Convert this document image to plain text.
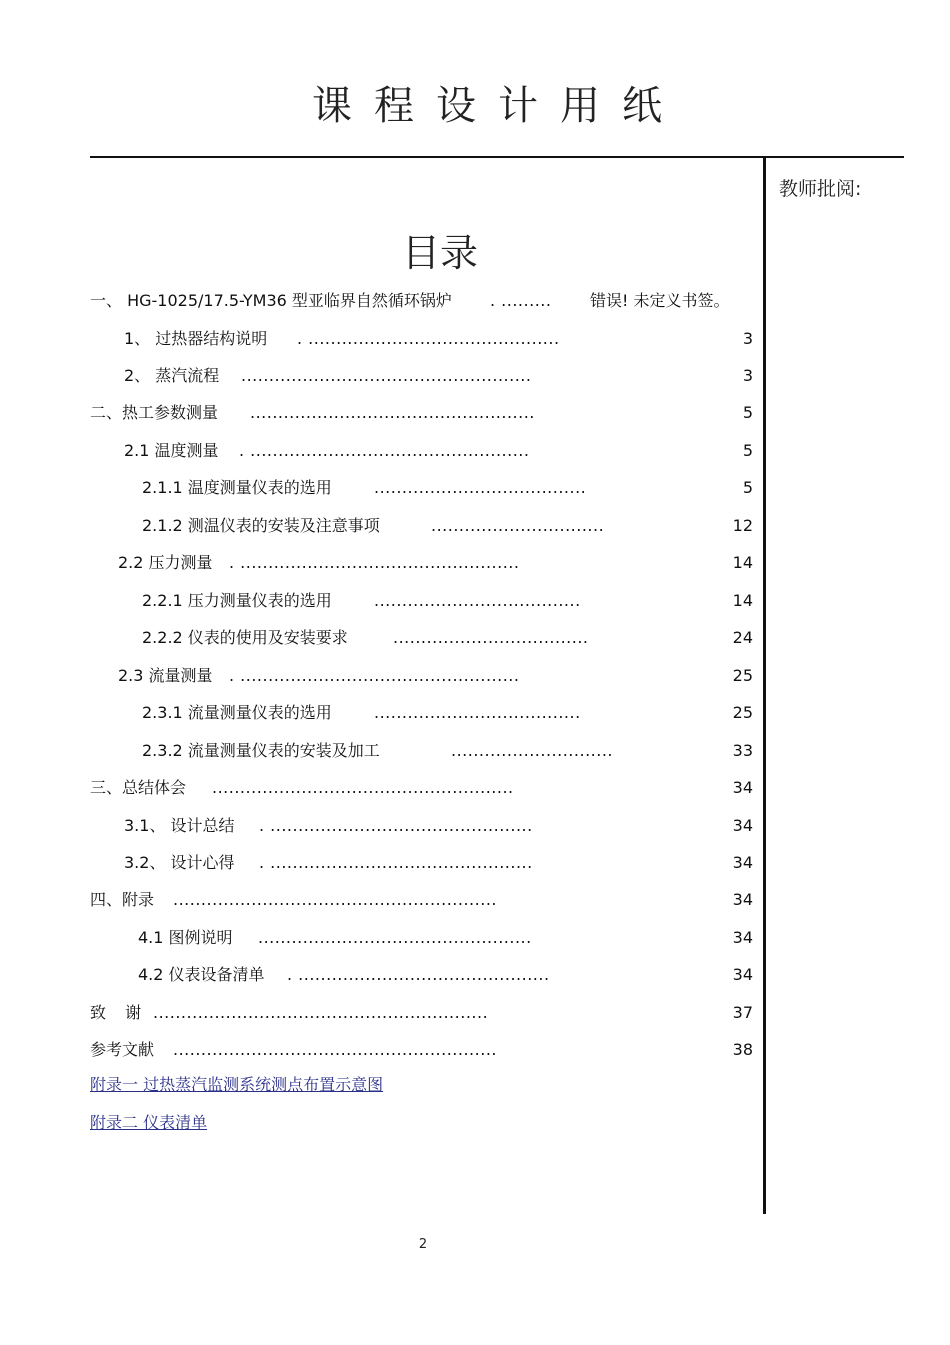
课程设计用纸
教师批阅:
目录
一、 HG-1025/17.5-YM36 型亚临界自然循环锅炉 . ......... 错误! 未定义书签。
1、 过热器结构说明 . .............................................	3
2、 蒸汽流程 ....................................................	3
二、热工参数测量 ...................................................	5
2.1 温度测量 . ..................................................	5
2.1.1 温度测量仪表的选用	......................................	5
2.1.2 测温仪表的安装及注意事项	...............................	12
2.2 压力测量 . ..................................................	14
2.2.1 压力测量仪表的选用	.....................................	14
2.2.2 仪表的使用及安装要求	...................................	24
2.3 流量测量 . ..................................................	25
2.3.1 流量测量仪表的选用	.....................................	25
2.3.2 流量测量仪表的安装及加工	.............................	33
三、总结体会 ......................................................	34
3.1、 设计总结 . ...............................................	34
3.2、 设计心得 . ...............................................	34
四、附录 ..........................................................	34
4.1 图例说明 .................................................	34
4.2 仪表设备清单 . .............................................	34
致 谢 ............................................................	37
参考文献 ..........................................................	38
附录一 过热蒸汽监测系统测点布置示意图
附录二 仪表清单
2
